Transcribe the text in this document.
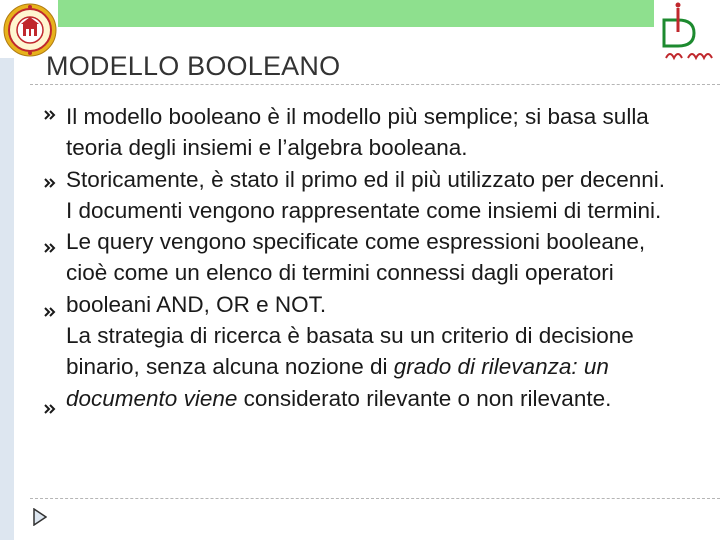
MODELLO BOOLEANO

Il modello booleano è il modello più semplice; si basa sulla teoria degli insiemi e l’algebra booleana.

Storicamente, è stato il primo ed il più utilizzato per decenni.

I documenti vengono rappresentate come insiemi di termini.

Le query vengono specificate come espressioni booleane, cioè come un elenco di termini connessi dagli operatori booleani AND, OR e NOT.

La strategia di ricerca è basata su un criterio di decisione binario, senza alcuna nozione di grado di rilevanza: un documento viene considerato rilevante o non rilevante.
